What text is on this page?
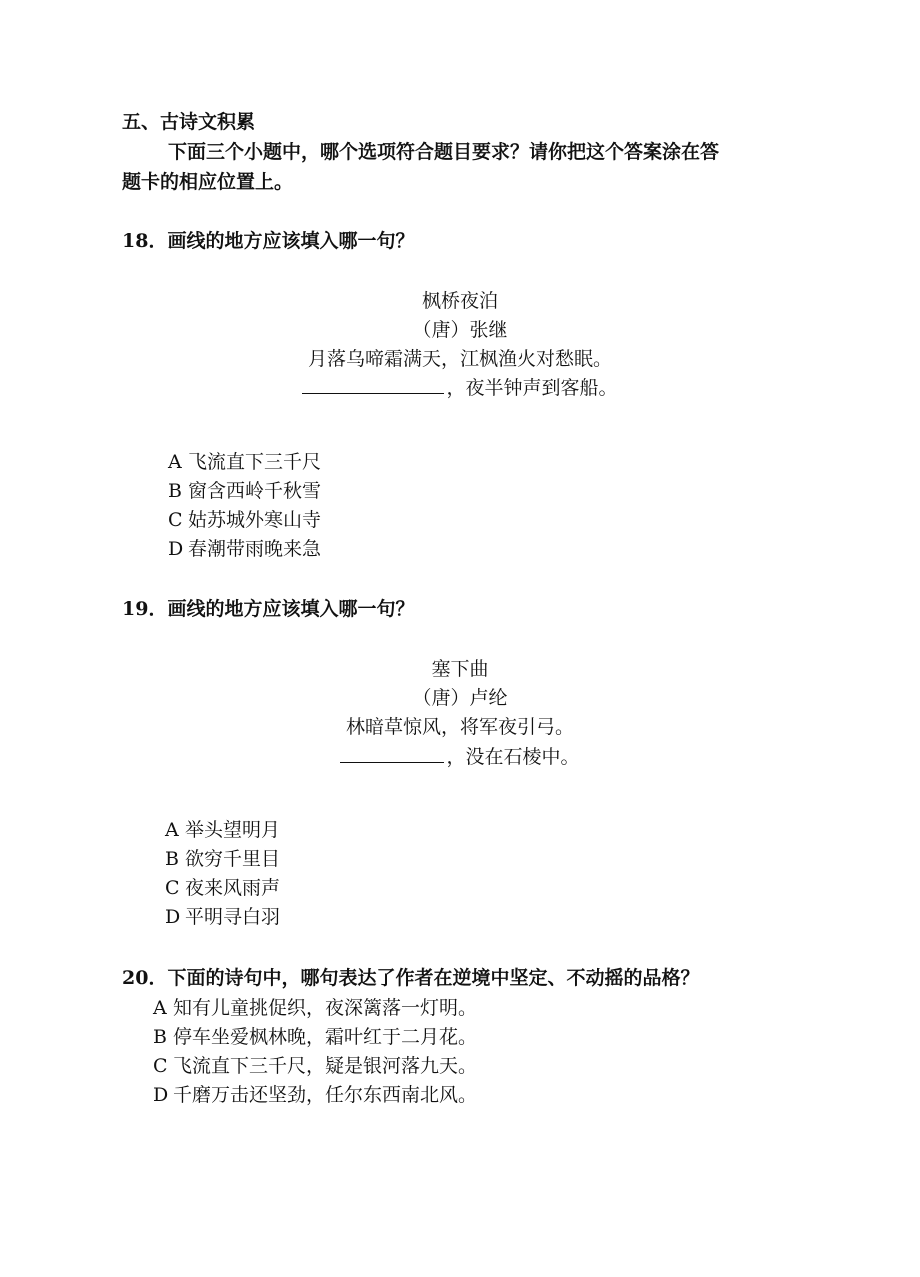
五、古诗文积累
下面三个小题中，哪个选项符合题目要求？请你把这个答案涂在答
题卡的相应位置上。
18．画线的地方应该填入哪一句？
枫桥夜泊
（唐）张继
月落乌啼霜满天，江枫渔火对愁眠。
，夜半钟声到客船。
A 飞流直下三千尺
B 窗含西岭千秋雪
C 姑苏城外寒山寺
D 春潮带雨晚来急
19．画线的地方应该填入哪一句？
塞下曲
（唐）卢纶
林暗草惊风，将军夜引弓。
，没在石棱中。
A 举头望明月
B 欲穷千里目
C 夜来风雨声
D 平明寻白羽
20．下面的诗句中，哪句表达了作者在逆境中坚定、不动摇的品格？
A 知有儿童挑促织，夜深篱落一灯明。
B 停车坐爱枫林晚，霜叶红于二月花。
C 飞流直下三千尺，疑是银河落九天。
D 千磨万击还坚劲，任尔东西南北风。
